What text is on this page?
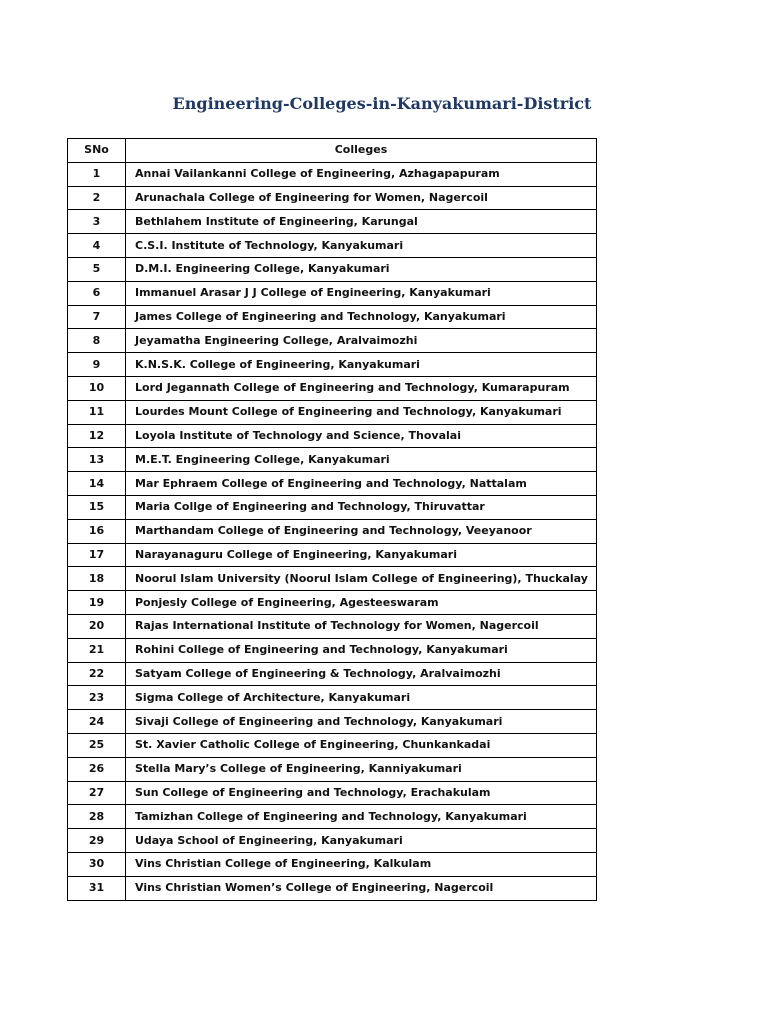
Engineering-Colleges-in-Kanyakumari-District
SNo	Colleges
1	Annai Vailankanni College of Engineering, Azhagapapuram
2	Arunachala College of Engineering for Women, Nagercoil
3	Bethlahem Institute of Engineering, Karungal
4	C.S.I. Institute of Technology, Kanyakumari
5	D.M.I. Engineering College, Kanyakumari
6	Immanuel Arasar J J College of Engineering, Kanyakumari
7	James College of Engineering and Technology, Kanyakumari
8	Jeyamatha Engineering College, Aralvaimozhi
9	K.N.S.K. College of Engineering, Kanyakumari
10	Lord Jegannath College of Engineering and Technology, Kumarapuram
11	Lourdes Mount College of Engineering and Technology, Kanyakumari
12	Loyola Institute of Technology and Science, Thovalai
13	M.E.T. Engineering College, Kanyakumari
14	Mar Ephraem College of Engineering and Technology, Nattalam
15	Maria Collge of Engineering and Technology, Thiruvattar
16	Marthandam College of Engineering and Technology, Veeyanoor
17	Narayanaguru College of Engineering, Kanyakumari
18	Noorul Islam University (Noorul Islam College of Engineering), Thuckalay
19	Ponjesly College of Engineering, Agesteeswaram
20	Rajas International Institute of Technology for Women, Nagercoil
21	Rohini College of Engineering and Technology, Kanyakumari
22	Satyam College of Engineering & Technology, Aralvaimozhi
23	Sigma College of Architecture, Kanyakumari
24	Sivaji College of Engineering and Technology, Kanyakumari
25	St. Xavier Catholic College of Engineering, Chunkankadai
26	Stella Mary’s College of Engineering, Kanniyakumari
27	Sun College of Engineering and Technology, Erachakulam
28	Tamizhan College of Engineering and Technology, Kanyakumari
29	Udaya School of Engineering, Kanyakumari
30	Vins Christian College of Engineering, Kalkulam
31	Vins Christian Women’s College of Engineering, Nagercoil
